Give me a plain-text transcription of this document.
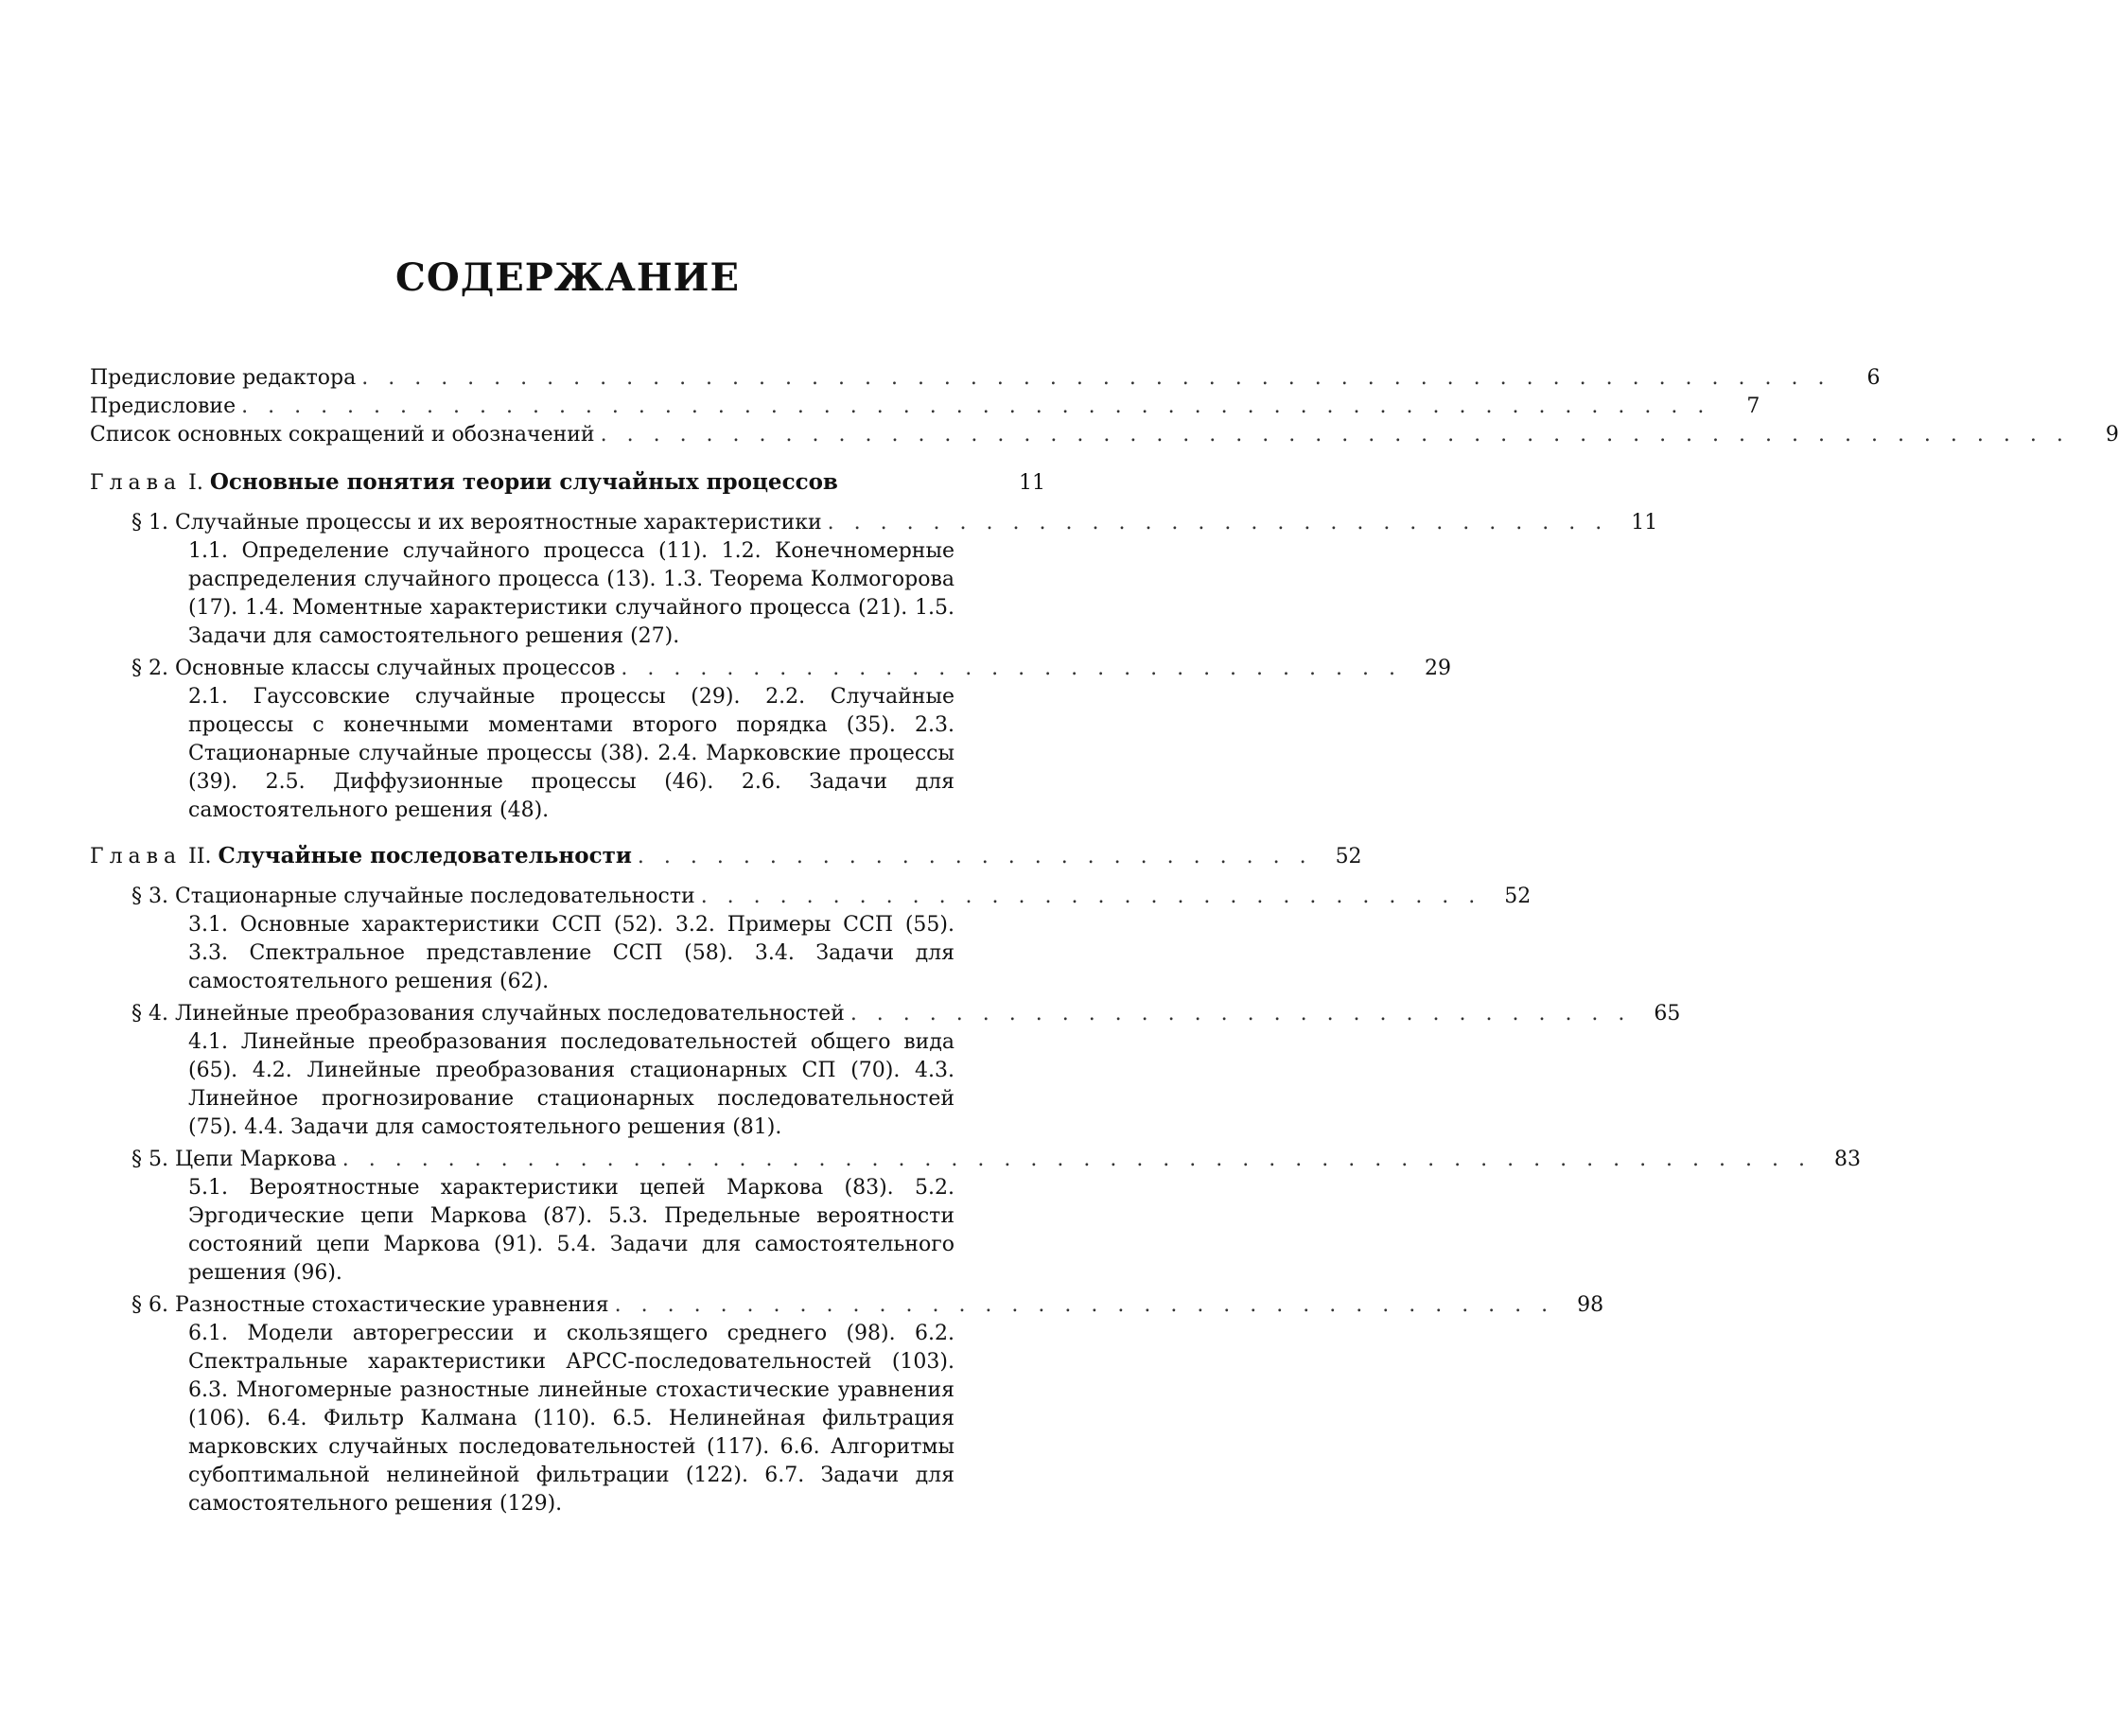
СОДЕРЖАНИЕ
Предисловие редактора . . . . . . . . . . . . . . . . . . . . . . . . . . . . . . . . . . . . . . . . . . . . . . . . . . . . . . . .	6
Предисловие . . . . . . . . . . . . . . . . . . . . . . . . . . . . . . . . . . . . . . . . . . . . . . . . . . . . . . . .	7
Список основных сокращений и обозначений . . . . . . . . . . . . . . . . . . . . . . . . . . . . . . . . . . . . . . . . . . . . . . . . . . . . . . . .	9
Глава I. Основные понятия теории случайных процессов	11
§ 1. Случайные процессы и их вероятностные характеристики . . . . . . . . . . . . . . . . . . . . . . . . . . . . . .	11
1.1. Определение случайного процесса (11). 1.2. Конечномерные распределения случайного процесса (13). 1.3. Теорема Колмогорова (17). 1.4. Моментные характеристики случайного процесса (21). 1.5. Задачи для самостоятельного решения (27).
§ 2. Основные классы случайных процессов . . . . . . . . . . . . . . . . . . . . . . . . . . . . . .	29
2.1. Гауссовские случайные процессы (29). 2.2. Случайные процессы с конечными моментами второго порядка (35). 2.3. Стационарные случайные процессы (38). 2.4. Марковские процессы (39). 2.5. Диффузионные процессы (46). 2.6. Задачи для самостоятельного решения (48).
Глава II. Случайные последовательности . . . . . . . . . . . . . . . . . . . . . . . . . .	52
§ 3. Стационарные случайные последовательности . . . . . . . . . . . . . . . . . . . . . . . . . . . . . .	52
3.1. Основные характеристики ССП (52). 3.2. Примеры ССП (55). 3.3. Спектральное представление ССП (58). 3.4. Задачи для самостоятельного решения (62).
§ 4. Линейные преобразования случайных последовательностей . . . . . . . . . . . . . . . . . . . . . . . . . . . . . .	65
4.1. Линейные преобразования последовательностей общего вида (65). 4.2. Линейные преобразования стационарных СП (70). 4.3. Линейное прогнозирование стационарных последовательностей (75). 4.4. Задачи для самостоятельного решения (81).
§ 5. Цепи Маркова . . . . . . . . . . . . . . . . . . . . . . . . . . . . . . . . . . . . . . . . . . . . . . . . . . . . . . . .	83
5.1. Вероятностные характеристики цепей Маркова (83). 5.2. Эргодические цепи Маркова (87). 5.3. Предельные вероятности состояний цепи Маркова (91). 5.4. Задачи для самостоятельного решения (96).
§ 6. Разностные стохастические уравнения . . . . . . . . . . . . . . . . . . . . . . . . . . . . . . . . . . . .	98
6.1. Модели авторегрессии и скользящего среднего (98). 6.2. Спектральные характеристики АРСС-последовательностей (103). 6.3. Многомерные разностные линейные стохастические уравнения (106). 6.4. Фильтр Калмана (110). 6.5. Нелинейная фильтрация марковских случайных последовательностей (117). 6.6. Алгоритмы субоптимальной нелинейной фильтрации (122). 6.7. Задачи для самостоятельного решения (129).
